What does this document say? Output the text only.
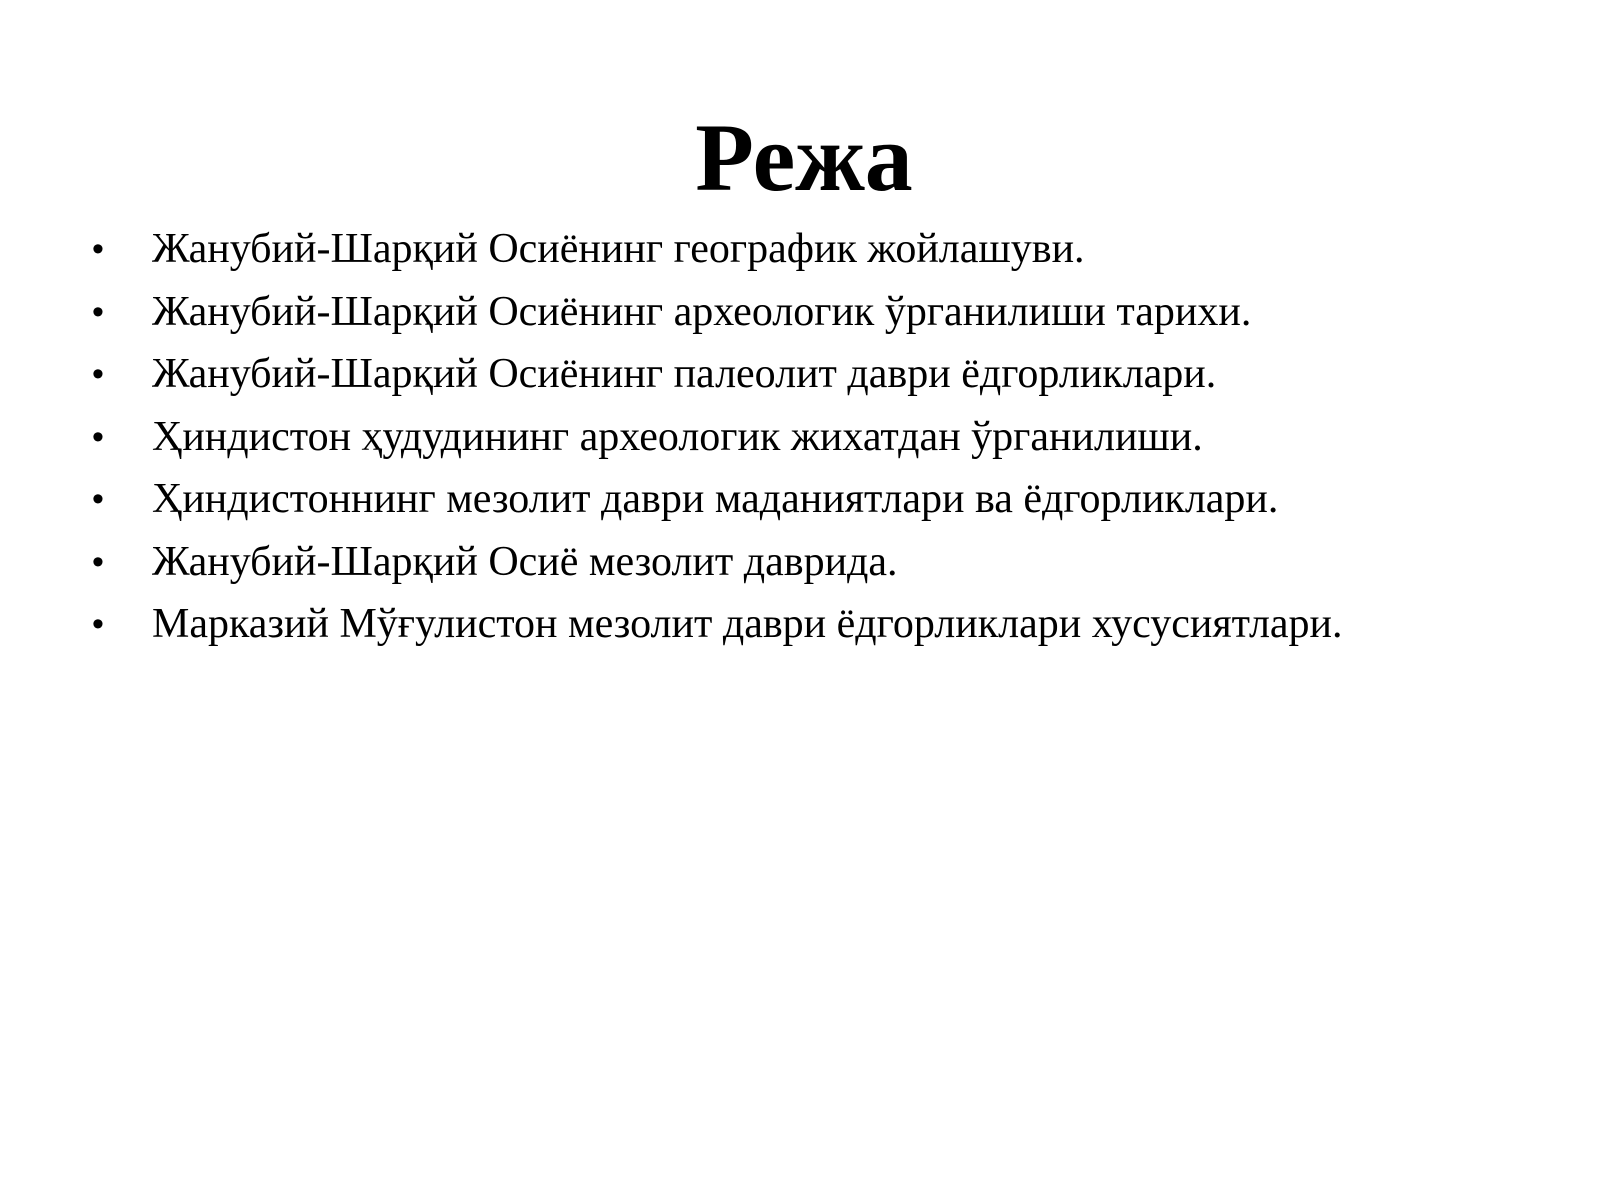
Режа
• Жанубий-Шарқий Осиёнинг географик жойлашуви.
• Жанубий-Шарқий Осиёнинг археологик ўрганилиши тарихи.
• Жанубий-Шарқий Осиёнинг палеолит даври ёдгорликлари.
• Ҳиндистон ҳудудининг археологик жихатдан ўрганилиши.
• Ҳиндистоннинг мезолит даври маданиятлари ва ёдгорликлари.
• Жанубий-Шарқий Осиё мезолит даврида.
• Марказий Мўғулистон мезолит даври ёдгорликлари хусусиятлари.
